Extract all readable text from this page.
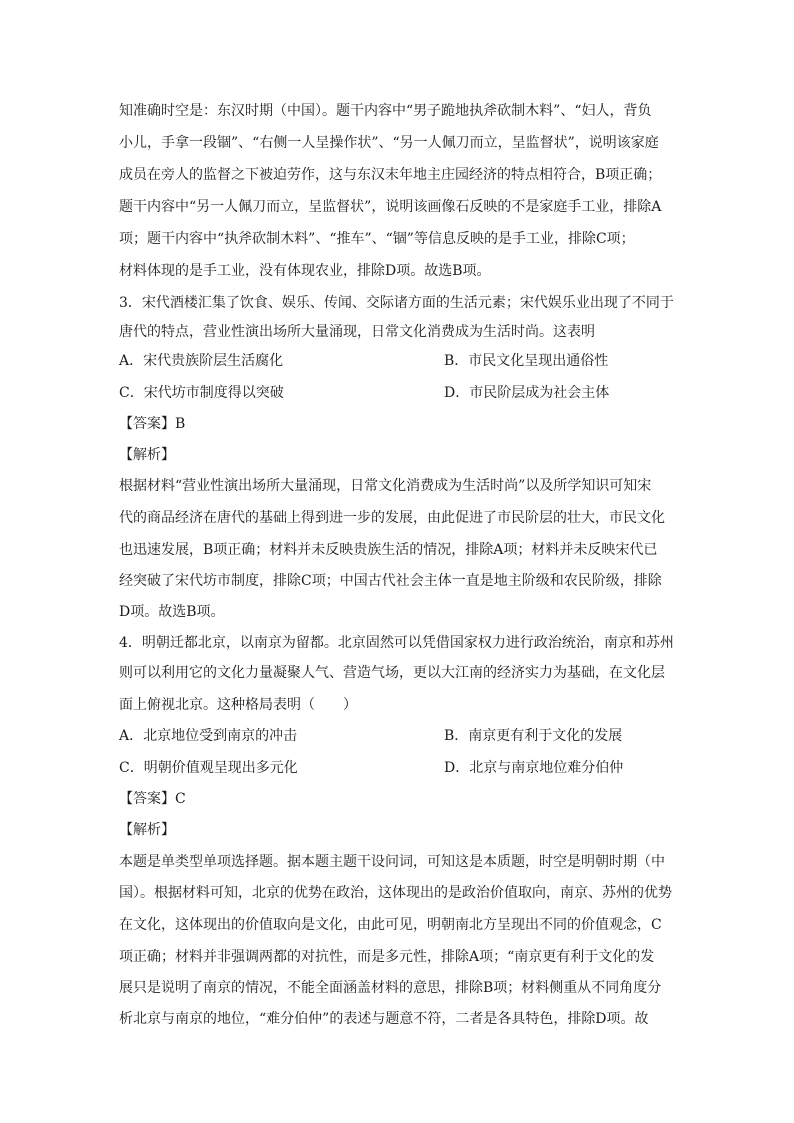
知准确时空是：东汉时期（中国）。题干内容中“男子跪地执斧砍制木料”、“妇人，背负
小儿，手拿一段锢”、“右侧一人呈操作状”、“另一人佩刀而立，呈监督状”，说明该家庭
成员在旁人的监督之下被迫劳作，这与东汉末年地主庄园经济的特点相符合，B项正确；
题干内容中“另一人佩刀而立，呈监督状”，说明该画像石反映的不是家庭手工业，排除A
项；题干内容中“执斧砍制木料”、“推车”、“锢”等信息反映的是手工业，排除C项；
材料体现的是手工业，没有体现农业，排除D项。故选B项。
3．宋代酒楼汇集了饮食、娱乐、传闻、交际诸方面的生活元素；宋代娱乐业出现了不同于
唐代的特点，营业性演出场所大量涌现，日常文化消费成为生活时尚。这表明
A．宋代贵族阶层生活腐化	B．市民文化呈现出通俗性
C．宋代坊市制度得以突破	D．市民阶层成为社会主体
【答案】B
【解析】
根据材料“营业性演出场所大量涌现，日常文化消费成为生活时尚”以及所学知识可知宋
代的商品经济在唐代的基础上得到进一步的发展，由此促进了市民阶层的壮大，市民文化
也迅速发展，B项正确；材料并未反映贵族生活的情况，排除A项；材料并未反映宋代已
经突破了宋代坊市制度，排除C项；中国古代社会主体一直是地主阶级和农民阶级，排除
D项。故选B项。
4．明朝迁都北京，以南京为留都。北京固然可以凭借国家权力进行政治统治，南京和苏州
则可以利用它的文化力量凝聚人气、营造气场，更以大江南的经济实力为基础，在文化层
面上俯视北京。这种格局表明（　　）
A．北京地位受到南京的冲击	B．南京更有利于文化的发展
C．明朝价值观呈现出多元化	D．北京与南京地位难分伯仲
【答案】C
【解析】
本题是单类型单项选择题。据本题主题干设问词，可知这是本质题，时空是明朝时期（中
国）。根据材料可知，北京的优势在政治，这体现出的是政治价值取向，南京、苏州的优势
在文化，这体现出的价值取向是文化，由此可见，明朝南北方呈现出不同的价值观念，C
项正确；材料并非强调两都的对抗性，而是多元性，排除A项；“南京更有利于文化的发
展只是说明了南京的情况，不能全面涵盖材料的意思，排除B项；材料侧重从不同角度分
析北京与南京的地位，“难分伯仲”的表述与题意不符，二者是各具特色，排除D项。故
